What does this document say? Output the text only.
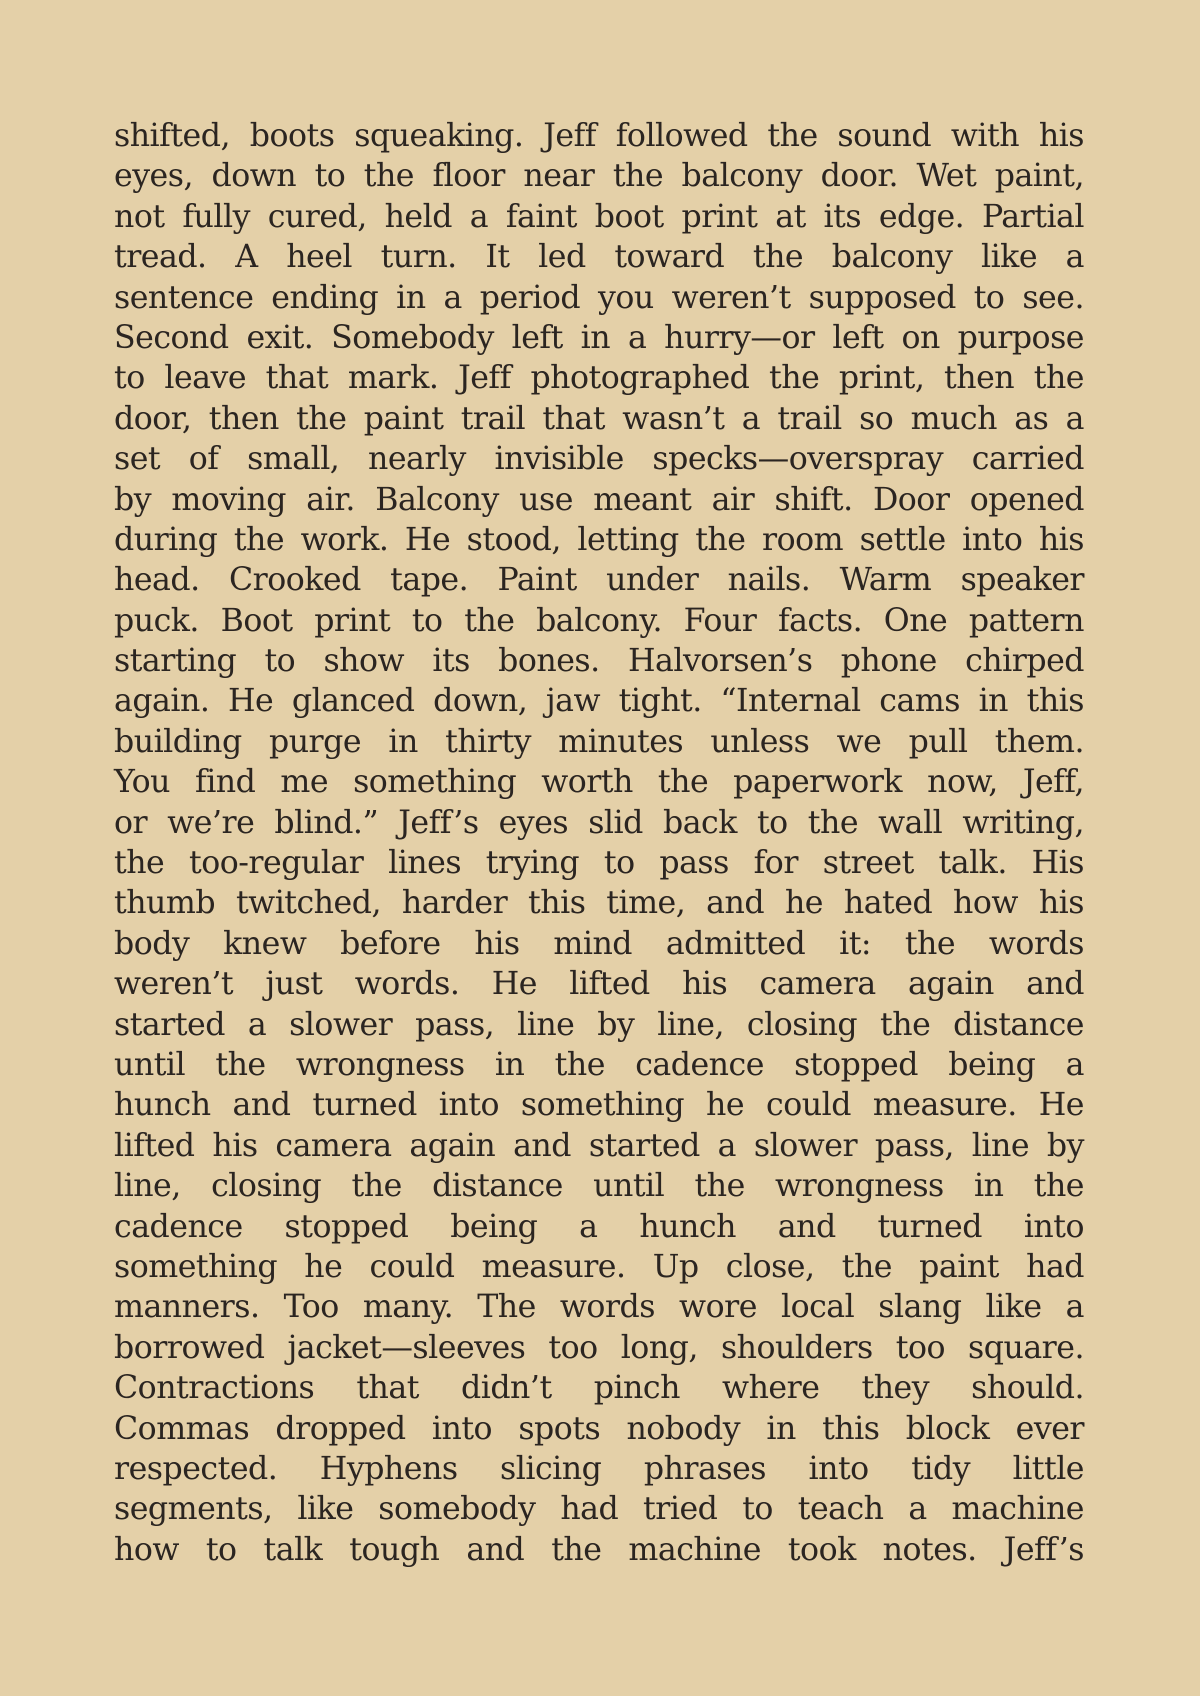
shifted, boots squeaking. Jeff followed the sound with his
eyes, down to the floor near the balcony door. Wet paint,
not fully cured, held a faint boot print at its edge. Partial
tread. A heel turn. It led toward the balcony like a
sentence ending in a period you weren’t supposed to see.
Second exit. Somebody left in a hurry—or left on purpose
to leave that mark. Jeff photographed the print, then the
door, then the paint trail that wasn’t a trail so much as a
set of small, nearly invisible specks—overspray carried
by moving air. Balcony use meant air shift. Door opened
during the work. He stood, letting the room settle into his
head. Crooked tape. Paint under nails. Warm speaker
puck. Boot print to the balcony. Four facts. One pattern
starting to show its bones. Halvorsen’s phone chirped
again. He glanced down, jaw tight. “Internal cams in this
building purge in thirty minutes unless we pull them.
You find me something worth the paperwork now, Jeff,
or we’re blind.” Jeff’s eyes slid back to the wall writing,
the too-regular lines trying to pass for street talk. His
thumb twitched, harder this time, and he hated how his
body knew before his mind admitted it: the words
weren’t just words. He lifted his camera again and
started a slower pass, line by line, closing the distance
until the wrongness in the cadence stopped being a
hunch and turned into something he could measure. He
lifted his camera again and started a slower pass, line by
line, closing the distance until the wrongness in the
cadence stopped being a hunch and turned into
something he could measure. Up close, the paint had
manners. Too many. The words wore local slang like a
borrowed jacket—sleeves too long, shoulders too square.
Contractions that didn’t pinch where they should.
Commas dropped into spots nobody in this block ever
respected. Hyphens slicing phrases into tidy little
segments, like somebody had tried to teach a machine
how to talk tough and the machine took notes. Jeff’s
